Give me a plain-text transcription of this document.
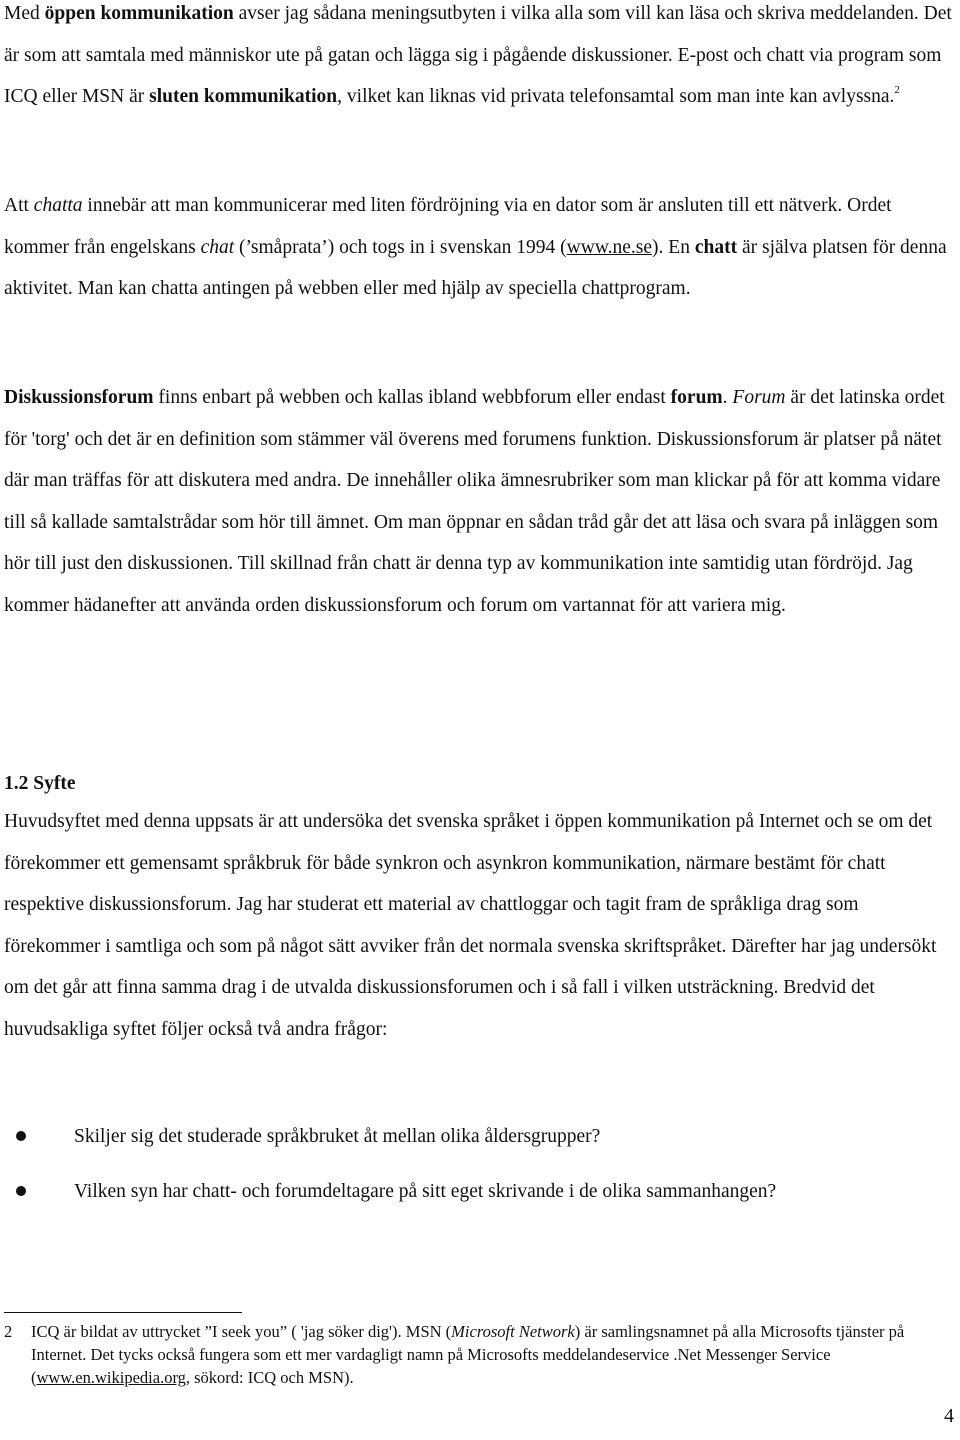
Med öppen kommunikation avser jag sådana meningsutbyten i vilka alla som vill kan läsa och skriva meddelanden. Det är som att samtala med människor ute på gatan och lägga sig i pågående diskussioner. E-post och chatt via program som ICQ eller MSN är sluten kommunikation, vilket kan liknas vid privata telefonsamtal som man inte kan avlyssna.$^2$

Att chatta innebär att man kommunicerar med liten fördröjning via en dator som är ansluten till ett nätverk. Ordet kommer från engelskans chat (’småprata’) och togs in i svenskan 1994 (www.ne.se). En chatt är själva platsen för denna aktivitet. Man kan chatta antingen på webben eller med hjälp av speciella chattprogram.

Diskussionsforum finns enbart på webben och kallas ibland webbforum eller endast forum. Forum är det latinska ordet för 'torg' och det är en definition som stämmer väl överens med forumens funktion. Diskussionsforum är platser på nätet där man träffas för att diskutera med andra. De innehåller olika ämnesrubriker som man klickar på för att komma vidare till så kallade samtalstrådar som hör till ämnet. Om man öppnar en sådan tråd går det att läsa och svara på inläggen som hör till just den diskussionen. Till skillnad från chatt är denna typ av kommunikation inte samtidig utan fördröjd. Jag kommer hädanefter att använda orden diskussionsforum och forum om vartannat för att variera mig.

1.2 Syfte

Huvudsyftet med denna uppsats är att undersöka det svenska språket i öppen kommunikation på Internet och se om det förekommer ett gemensamt språkbruk för både synkron och asynkron kommunikation, närmare bestämt för chatt respektive diskussionsforum. Jag har studerat ett material av chattloggar och tagit fram de språkliga drag som förekommer i samtliga och som på något sätt avviker från det normala svenska skriftspråket. Därefter har jag undersökt om det går att finna samma drag i de utvalda diskussionsforumen och i så fall i vilken utsträckning. Bredvid det huvudsakliga syftet följer också två andra frågor:

Skiljer sig det studerade språkbruket åt mellan olika åldersgrupper?
Vilken syn har chatt- och forumdeltagare på sitt eget skrivande i de olika sammanhangen?
2 ICQ är bildat av uttrycket ”I seek you” ( 'jag söker dig'). MSN (Microsoft Network) är samlingsnamnet på alla Microsofts tjänster på Internet. Det tycks också fungera som ett mer vardagligt namn på Microsofts meddelandeservice .Net Messenger Service (www.en.wikipedia.org, sökord: ICQ och MSN).
4
